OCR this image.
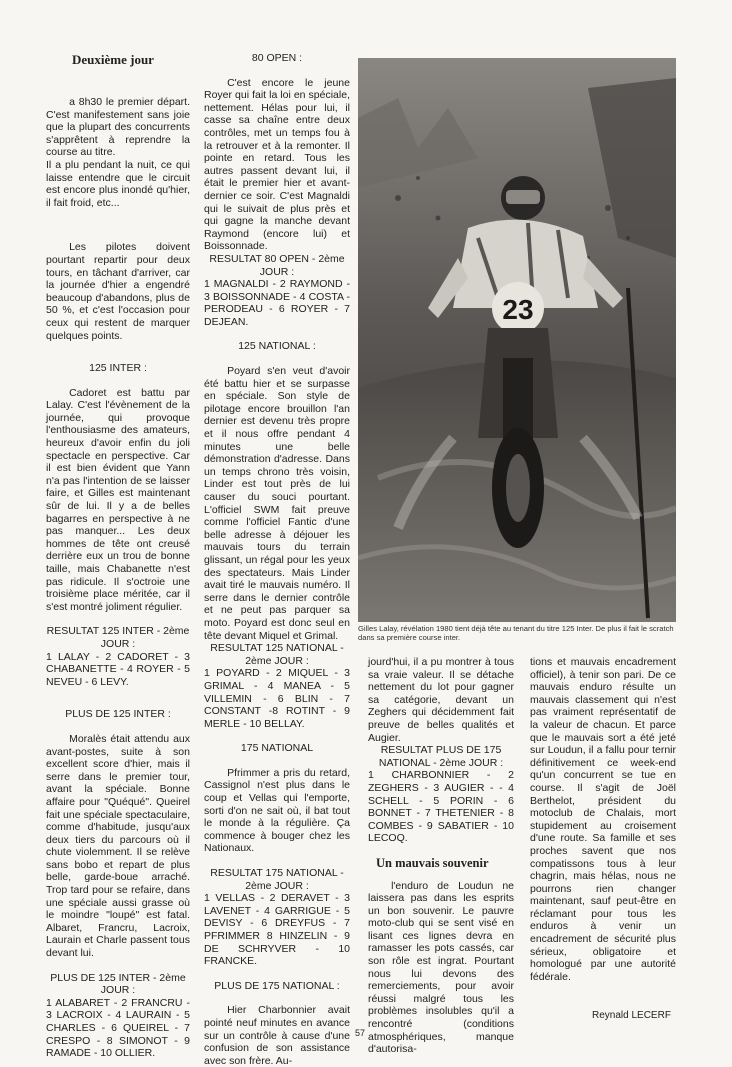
Deuxième jour

a 8h30 le premier départ. C'est manifestement sans joie que la plupart des concurrents s'apprêtent à reprendre la course au titre.

Il a plu pendant la nuit, ce qui laisse entendre que le circuit est encore plus inondé qu'hier, il fait froid, etc...

Les pilotes doivent pourtant repartir pour deux tours, en tâchant d'arriver, car la journée d'hier a engendré beaucoup d'abandons, plus de 50 %, et c'est l'occasion pour ceux qui restent de marquer quelques points.

125 INTER :

Cadoret est battu par Lalay. C'est l'évènement de la journée, qui provoque l'enthousiasme des amateurs, heureux d'avoir enfin du joli spectacle en perspective. Car il est bien évident que Yann n'a pas l'intention de se laisser faire, et Gilles est maintenant sûr de lui. Il y a de belles bagarres en perspective à ne pas manquer... Les deux hommes de tête ont creusé derrière eux un trou de bonne taille, mais Chabanette n'est pas ridicule. Il s'octroie une troisième place méritée, car il s'est montré joliment régulier.

RESULTAT 125 INTER - 2ème
JOUR :

1 LALAY - 2 CADORET - 3 CHABANETTE - 4 ROYER - 5 NEVEU - 6 LEVY.

PLUS DE 125 INTER :

Moralès était attendu aux avant-postes, suite à son excellent score d'hier, mais il serre dans le premier tour, avant la spéciale. Bonne affaire pour "Quéqué". Queirel fait une spéciale spectaculaire, comme d'habitude, jusqu'aux deux tiers du parcours où il chute violemment. Il se relève sans bobo et repart de plus belle, garde-boue arraché. Trop tard pour se refaire, dans une spéciale aussi grasse où le moindre "loupé" est fatal. Albaret, Francru, Lacroix, Laurain et Charle passent tous devant lui.

PLUS DE 125 INTER - 2ème JOUR :

1 ALABARET - 2 FRANCRU - 3 LACROIX - 4 LAURAIN - 5 CHARLES - 6 QUEIREL - 7 CRESPO - 8 SIMONOT - 9 RAMADE - 10 OLLIER.

80 OPEN :

C'est encore le jeune Royer qui fait la loi en spéciale, nettement. Hélas pour lui, il casse sa chaîne entre deux contrôles, met un temps fou à la retrouver et à la remonter. Il pointe en retard. Tous les autres passent devant lui, il était le premier hier et avant-dernier ce soir. C'est Magnaldi qui le suivait de plus près et qui gagne la manche devant Raymond (encore lui) et Boissonnade.

RESULTAT 80 OPEN - 2ème
JOUR :

1 MAGNALDI - 2 RAYMOND - 3 BOISSONNADE - 4 COSTA - PERODEAU - 6 ROYER - 7 DEJEAN.

125 NATIONAL :

Poyard s'en veut d'avoir été battu hier et se surpasse en spéciale. Son style de pilotage encore brouillon l'an dernier est devenu très propre et il nous offre pendant 4 minutes une belle démonstration d'adresse. Dans un temps chrono très voisin, Linder est tout près de lui causer du souci pourtant. L'officiel SWM fait preuve comme l'officiel Fantic d'une belle adresse à déjouer les mauvais tours du terrain glissant, un régal pour les yeux des spectateurs. Mais Linder avait tiré le mauvais numéro. Il serre dans le dernier contrôle et ne peut pas parquer sa moto. Poyard est donc seul en tête devant Miquel et Grimal.

RESULTAT 125 NATIONAL -
2ème JOUR :

1 POYARD - 2 MIQUEL - 3 GRIMAL - 4 MANEA - 5 VILLEMIN - 6 BLIN - 7 CONSTANT -8 ROTINT - 9 MERLE - 10 BELLAY.

175 NATIONAL

Pfrimmer a pris du retard, Cassignol n'est plus dans le coup et Vellas qui l'emporte, sorti d'on ne sait où, il bat tout le monde à la régulière. Ça commence à bouger chez les Nationaux.

RESULTAT 175 NATIONAL -
2ème JOUR :

1 VELLAS - 2 DERAVET - 3 LAVENET - 4 GARRIGUE - 5 DEVISY - 6 DREYFUS - 7 PFRIMMER 8 HINZELIN - 9 DE SCHRYVER - 10 FRANCKE.

PLUS DE 175 NATIONAL :

Hier Charbonnier avait pointé neuf minutes en avance sur un contrôle à cause d'une confusion de son assistance avec son frère. Au-

23
Gilles Lalay, révélation 1980 tient déjà tête au tenant du titre 125 Inter. De plus il fait le scratch dans sa première course inter.

jourd'hui, il a pu montrer à tous sa vraie valeur. Il se détache nettement du lot pour gagner sa catégorie, devant un Zeghers qui décidemment fait preuve de belles qualités et Augier.

RESULTAT PLUS DE 175 NATIONAL - 2ème JOUR :

1 CHARBONNIER - 2 ZEGHERS - 3 AUGIER - - 4 SCHELL - 5 PORIN - 6 BONNET - 7 THETENIER - 8 COMBES - 9 SABATIER - 10 LECOQ.

Un mauvais souvenir

l'enduro de Loudun ne laissera pas dans les esprits un bon souvenir. Le pauvre moto-club qui se sent visé en lisant ces lignes devra en ramasser les pots cassés, car son rôle est ingrat. Pourtant nous lui devons des remerciements, pour avoir réussi malgré tous les problèmes insolubles qu'il a rencontré (conditions atmosphériques, manque d'autorisa-

tions et mauvais encadrement officiel), à tenir son pari. De ce mauvais enduro résulte un mauvais classement qui n'est pas vraiment représentatif de la valeur de chacun. Et parce que le mauvais sort a été jeté sur Loudun, il a fallu pour ternir définitivement ce week-end qu'un concurrent se tue en course. Il s'agit de Joël Berthelot, président du motoclub de Chalais, mort stupidement au croisement d'une route. Sa famille et ses proches savent que nos compatissons tous à leur chagrin, mais hélas, nous ne pourrons rien changer maintenant, sauf peut-être en réclamant pour tous les enduros à venir un encadrement de sécurité plus sérieux, obligatoire et homologué par une autorité fédérale.

Reynald LECERF
57
